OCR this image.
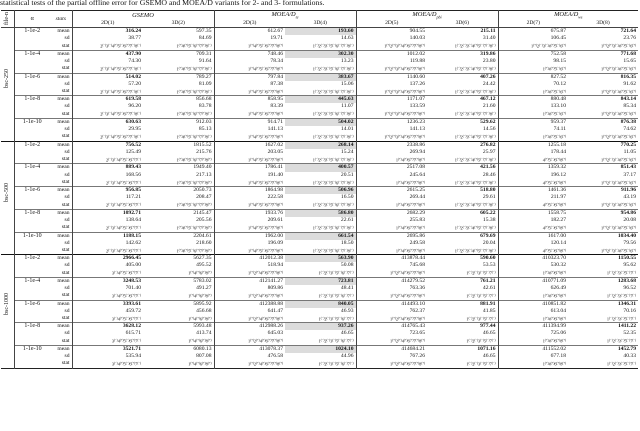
statistical tests of the partial offline error for GSEMO and MOEA/D variants for 2- and 3- formulations.
file-n	α	stats	GSEMO		MOEA/$D_{te}$		MOEA/$D_{pbi}$		MOEA/$D_{ws}$
			2D(1)	3D(2)	2D(3)	3D(4)	2D(5)	3D(6)	2D(7)	3D(8)

bsc-250	1-1e-2	mean	316.24	597.35	612.67	193.60	904.55	215.11	675.87	721.64
		sd	38.77	84.69	19.71	14.63	140.03	31.40	106.45	23.76
		stat	2(−)3(−)4(+)5(−)6(+)7(−)8(−)	1(+)4(+)5(−)6(+)7(+)8(−)	1(+)4(+)5(−)6(+)7(+)8(+)	1(−)2(−)3(−)5(−)6(−)7(−)8(−)	1(+)2(+)3(+)4(+)6(+)7(+)8(+)	1(−)2(−)3(−)4(+)5(−)7(−)8(−)	1(+)2(−)3(−)4(+)5(−)6(+)	1(+)2(+)3(−)4(+)5(−)6(+)
	1-1e-4	mean	437.90	709.31	748.46	302.30	1012.02	319.86	752.58	771.68
		sd	74.30	91.64	78.34	13.23	119.88	23.80	98.15	15.65
		stat	2(−)3(−)4(+)5(−)6(+)7(−)8(−)	1(+)4(+)5(−)6(+)7(+)8(−)	1(+)4(+)5(−)6(+)7(+)8(+)	1(−)2(−)3(−)5(−)6(−)7(−)8(−)	1(+)2(+)3(+)4(+)6(+)7(+)8(+)	1(−)2(−)3(−)4(+)5(−)7(−)8(−)	1(+)4(+)5(−)6(+)	1(+)2(+)3(−)4(+)5(−)6(+)
	1-1e-6	mean	514.02	789.27	797.84	383.67	1140.60	407.26	827.52	816.35
		sd	57.20	81.09	87.38	15.06	137.26	24.42	70.12	91.62
		stat	2(−)3(−)4(+)5(−)6(+)7(−)8(−)	1(+)4(+)5(−)6(+)7(+)8(−)	1(+)4(+)5(−)6(+)7(+)8(+)	1(−)2(−)3(−)5(−)6(−)7(−)8(−)	1(+)2(+)3(+)4(+)6(+)7(+)8(+)	1(−)2(−)3(−)4(+)5(−)7(−)8(−)	1(+)4(+)5(−)6(+)	1(+)2(+)3(−)4(+)5(−)6(+)
	1-1e-8	mean	619.58	856.68	858.95	445.63	1171.07	467.12	880.48	843.14
		sd	96.20	83.78	83.39	11.07	133.59	21.60	133.10	85.34
		stat	2(−)3(−)4(+)5(−)6(+)7(−)8(−)	1(+)4(+)5(−)6(+)7(+)8(−)	1(+)4(+)5(−)6(+)7(+)8(+)	1(−)2(−)3(−)5(−)6(−)7(−)8(−)	1(+)2(+)3(+)4(+)6(+)7(+)8(+)	1(−)2(−)3(−)4(+)5(−)7(−)8(−)	1(+)4(+)5(−)6(+)	1(+)2(+)3(−)4(+)5(−)6(+)
	1-1e-10	mean	630.63	912.03	914.71	504.02	1236.23	529.62	959.37	876.38
		sd	29.95	85.13	141.13	14.01	141.13	14.56	74.11	74.62
		stat	2(−)3(−)4(+)5(−)6(+)7(−)8(−)	1(+)4(+)5(−)6(+)7(+)8(−)	1(+)4(+)5(−)6(+)7(+)8(+)	1(−)2(−)3(−)5(−)6(−)7(−)8(−)	1(+)2(+)3(+)4(+)6(+)7(+)8(+)	1(−)2(−)3(−)4(+)5(−)7(−)8(−)	1(+)4(+)5(−)6(+)	1(+)2(+)3(−)4(+)5(−)6(+)

bsc-500	1-1e-2	mean	756.52	1815.52	1627.02	268.14	2338.86	276.82	1255.18	770.25
		sd	125.49	215.76	203.05	15.24	269.94	25.97	178.44	11.05
		stat	2(−)3(−)4(+)5(−)6(+)7(−)	1(+)4(+)5(−)6(+)7(+)8(+)	1(+)4(+)5(−)6(+)7(+)8(+)	1(−)2(−)3(−)5(−)6(−)7(−)8(−)	1(+)4(+)6(+)7(+)8(+)	1(−)2(−)3(−)4(+)5(−)7(−)8(−)	4(+)5(−)6(+)8(+)	1(+)2(−)3(−)4(+)5(−)6(+)
	1-1e-4	mean	889.43	1949.40	1786.41	400.57	2517.08	421.56	1359.32	851.43
		sd	168.56	217.13	191.40	20.51	245.64	28.46	196.12	37.17
		stat	2(−)3(−)4(+)5(−)6(+)7(−)	1(+)4(+)5(−)6(+)7(+)8(+)	1(+)4(+)5(−)6(+)7(+)8(+)	1(−)2(−)3(−)5(−)6(−)7(−)8(−)	1(+)4(+)6(+)7(+)8(+)	1(−)2(−)3(−)4(+)5(−)7(−)8(−)	4(+)5(−)6(+)8(+)	1(+)2(−)3(−)4(+)5(−)6(+)
	1-1e-6	mean	956.85	2050.73	1864.98	506.96	2615.25	518.80	1461.36	911.96
		sd	117.21	208.47	222.58	16.50	269.44	29.61	211.97	43.19
		stat	2(−)3(−)4(+)5(−)6(+)7(−)	1(+)4(+)5(−)6(+)7(+)8(+)	1(+)4(+)5(−)6(+)7(+)8(+)	1(−)2(−)3(−)5(−)6(−)7(−)8(−)	1(+)4(+)6(+)7(+)8(+)	1(−)2(−)3(−)4(+)5(−)7(−)8(−)	4(+)5(−)6(+)8(+)	1(+)2(−)3(−)4(+)5(−)6(+)
	1-1e-8	mean	1092.71	2145.47	1933.76	586.80	2682.29	605.22	1558.75	954.86
		sd	138.64	205.56	209.61	22.61	255.83	15.38	182.27	20.08
		stat	2(−)3(−)4(+)5(−)6(+)7(−)	1(+)4(+)5(−)6(+)7(+)8(+)	1(+)4(+)5(−)6(+)7(+)8(+)	1(−)2(−)3(−)5(−)6(−)7(−)8(−)	1(+)4(+)6(+)7(+)8(+)	1(−)2(−)3(−)4(+)5(−)7(−)8(−)	4(+)5(−)6(+)8(+)	1(+)2(−)3(−)4(+)5(−)6(+)
	1-1e-10	mean	1188.15	2204.61	1962.00	661.54	2695.86	679.69	1617.00	1034.40
		sd	142.62	218.60	196.09	18.50	249.58	20.04	120.14	79.56
		stat	2(−)3(−)4(+)5(−)6(+)7(−)	1(+)4(+)5(−)6(+)7(+)8(+)	1(+)4(+)5(−)6(+)7(+)8(+)	1(−)2(−)3(−)5(−)6(−)7(−)8(−)	1(+)4(+)6(+)7(+)8(+)	1(−)2(−)3(−)4(+)5(−)7(−)8(−)	4(+)5(−)6(+)8(+)	1(+)2(−)3(−)4(+)5(−)6(+)

bsc-1000	1-1e-2	mean	2966.45	5627.35	412012.38	563.90	413878.44	590.60	410323.70	1150.55
		sd	405.00	495.52	518.94	50.08	745.68	53.53	530.32	95.62
		stat	3(−)4(+)5(−)6(+)7(−)	1(+)4(+)6(+)8(+)	1(+)2(+)4(+)6(+)7(+)8(+)	1(−)2(−)3(−)5(−)6(−)7(−)	1(+)2(+)4(+)6(+)7(+)8(+)	1(−)2(−)3(−)5(−)7(−)	1(+)4(+)6(+)8(+)	1(−)2(−)3(−)5(−)7(−)
	1-1e-4	mean	3248.53	5783.02	412141.27	723.81	414279.52	761.21	410771.09	1283.68
		sd	701.40	491.27	809.86	48.41	763.36	42.61	626.49	96.52
		stat	3(−)4(+)5(−)6(+)7(−)	1(+)4(+)6(+)8(+)	1(+)2(+)4(+)6(+)7(+)8(+)	1(−)2(−)3(−)5(−)6(−)7(−)	1(+)2(+)4(+)6(+)7(+)8(+)	1(−)2(−)3(−)5(−)7(−)	1(+)4(+)6(+)8(+)	1(−)2(−)3(−)5(−)7(−)
	1-1e-6	mean	3393.61	5895.92	412388.88	840.05	414493.10	881.91	410851.82	1346.31
		sd	459.72	456.68	641.47	46.93	762.37	41.85	613.04	70.16
		stat	3(−)4(+)5(−)6(+)7(−)	1(+)4(+)6(+)8(+)	1(+)2(+)4(+)6(+)7(+)8(+)	1(−)2(−)3(−)5(−)6(−)7(−)	1(+)2(+)4(+)6(+)7(+)8(+)	1(−)2(−)3(−)5(−)7(−)	1(+)4(+)6(+)8(+)	1(−)2(−)3(−)5(−)7(−)
	1-1e-8	mean	3628.12	5993.48	412988.26	937.26	414765.43	977.44	411394.99	1411.22
		sd	615.71	413.74	645.03	46.65	723.65	46.65	725.06	52.35
		stat	3(−)4(+)5(−)6(+)7(−)	1(+)4(+)6(+)8(+)	1(+)2(+)4(+)6(+)7(+)8(+)	1(−)2(−)3(−)5(−)6(−)7(−)	1(+)2(+)4(+)6(+)7(+)8(+)	1(−)2(−)3(−)5(−)7(−)	1(+)4(+)6(+)8(+)	1(−)2(−)3(−)5(−)7(−)
	1-1e-10	mean	3521.71	6080.13	413078.37	1024.10	414684.21	1071.16	411552.02	1452.79
		sd	535.94	807.08	476.58	44.96	767.26	46.65	677.18	40.33
		stat	3(−)4(+)5(−)6(+)7(−)	1(+)4(+)6(+)8(+)	1(+)2(+)4(+)6(+)7(+)8(+)	1(−)2(−)3(−)5(−)6(−)7(−)	1(+)2(+)4(+)6(+)7(+)8(+)	1(−)2(−)3(−)5(−)7(−)	1(+)4(+)6(+)8(+)	1(−)2(−)3(−)5(−)7(−)
